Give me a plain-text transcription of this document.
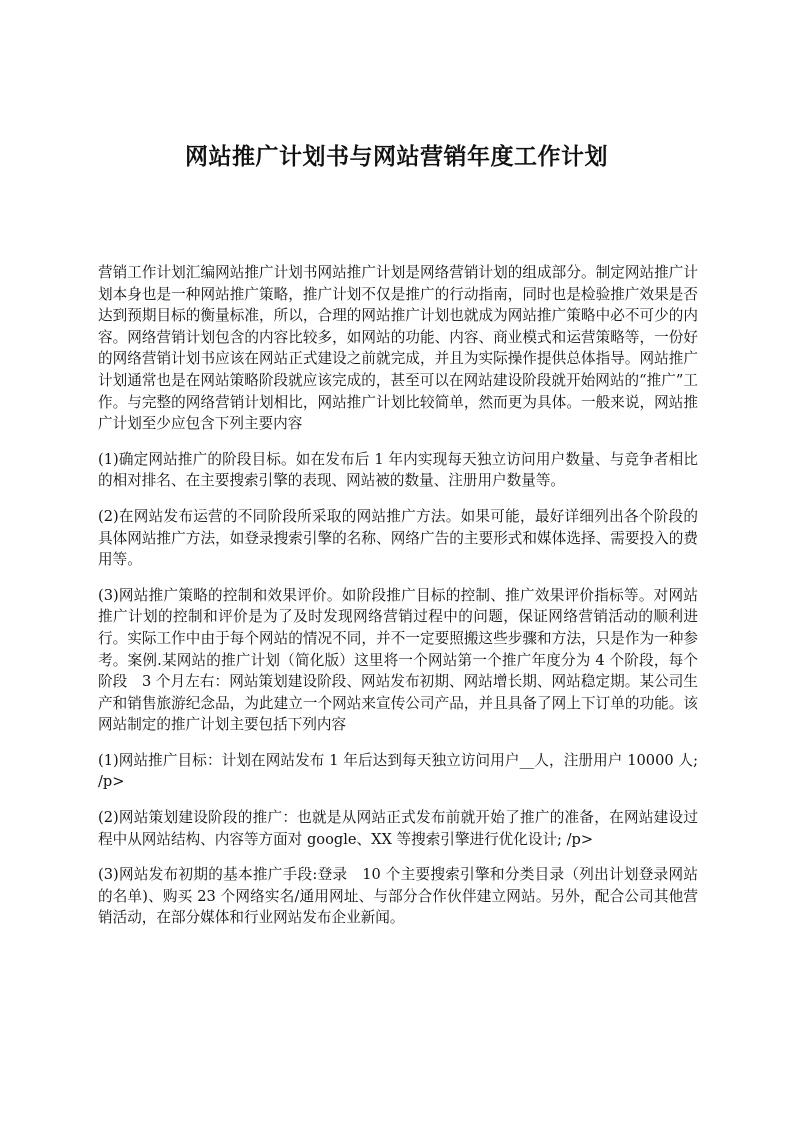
网站推广计划书与网站营销年度工作计划

营销工作计划汇编网站推广计划书网站推广计划是网络营销计划的组成部分。制定网站推广计划本身也是一种网站推广策略，推广计划不仅是推广的行动指南，同时也是检验推广效果是否达到预期目标的衡量标准，所以，合理的网站推广计划也就成为网站推广策略中必不可少的内容。网络营销计划包含的内容比较多，如网站的功能、内容、商业模式和运营策略等，一份好的网络营销计划书应该在网站正式建设之前就完成，并且为实际操作提供总体指导。网站推广计划通常也是在网站策略阶段就应该完成的，甚至可以在网站建设阶段就开始网站的“推广”工作。与完整的网络营销计划相比，网站推广计划比较简单，然而更为具体。一般来说，网站推广计划至少应包含下列主要内容

(1)确定网站推广的阶段目标。如在发布后 1 年内实现每天独立访问用户数量、与竞争者相比的相对排名、在主要搜索引擎的表现、网站被的数量、注册用户数量等。

(2)在网站发布运营的不同阶段所采取的网站推广方法。如果可能，最好详细列出各个阶段的具体网站推广方法，如登录搜索引擎的名称、网络广告的主要形式和媒体选择、需要投入的费用等。

(3)网站推广策略的控制和效果评价。如阶段推广目标的控制、推广效果评价指标等。对网站推广计划的控制和评价是为了及时发现网络营销过程中的问题，保证网络营销活动的顺利进行。实际工作中由于每个网站的情况不同，并不一定要照搬这些步骤和方法，只是作为一种参考。案例.某网站的推广计划（简化版）这里将一个网站第一个推广年度分为 4 个阶段，每个阶段　3 个月左右：网站策划建设阶段、网站发布初期、网站增长期、网站稳定期。某公司生产和销售旅游纪念品，为此建立一个网站来宣传公司产品，并且具备了网上下订单的功能。该网站制定的推广计划主要包括下列内容

(1)网站推广目标：计划在网站发布 1 年后达到每天独立访问用户__人，注册用户 10000 人; /p>

(2)网站策划建设阶段的推广：也就是从网站正式发布前就开始了推广的准备，在网站建设过程中从网站结构、内容等方面对 google、XX 等搜索引擎进行优化设计; /p>

(3)网站发布初期的基本推广手段:登录　10 个主要搜索引擎和分类目录（列出计划登录网站的名单)、购买 23 个网络实名/通用网址、与部分合作伙伴建立网站。另外，配合公司其他营销活动，在部分媒体和行业网站发布企业新闻。
